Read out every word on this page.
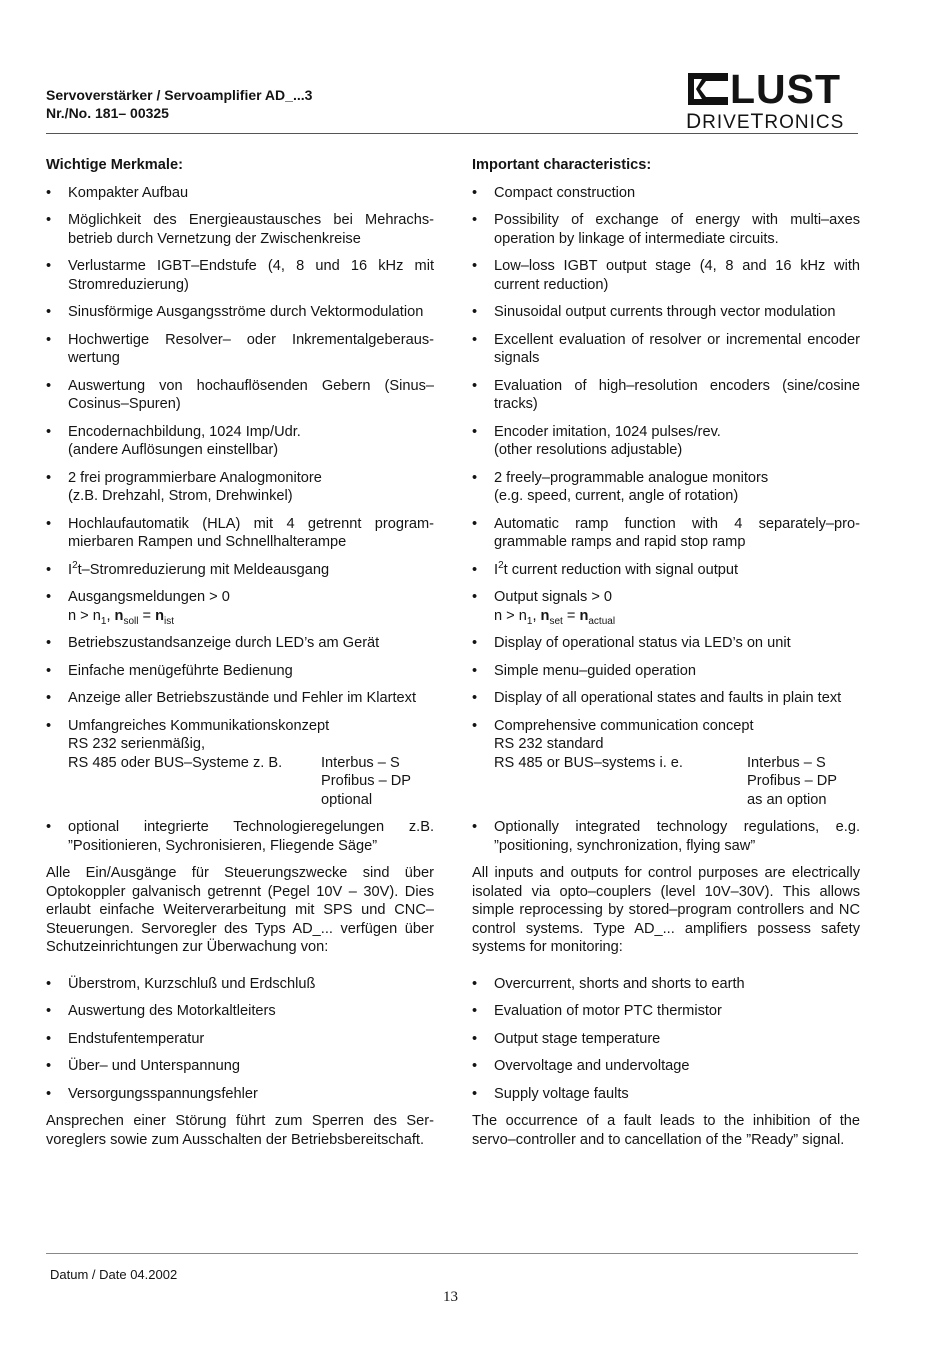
Servoverstärker / Servoamplifier AD_...3
Nr./No. 181– 00325
LUST
DRIVETRONICS
Wichtige Merkmale:
• Kompakter Aufbau
• Möglichkeit des Energieaustausches bei Mehrachsbetrieb durch Vernetzung der Zwischenkreise
• Verlustarme IGBT–Endstufe (4, 8 und 16 kHz mit Stromreduzierung)
• Sinusförmige Ausgangsströme durch Vektormodulation
• Hochwertige Resolver– oder Inkrementalgeberauswertung
• Auswertung von hochauflösenden Gebern (Sinus– Cosinus–Spuren)
• Encodernachbildung, 1024 Imp/Udr.
(andere Auflösungen einstellbar)
• 2 frei programmierbare Analogmonitore
(z.B. Drehzahl, Strom, Drehwinkel)
• Hochlaufautomatik (HLA) mit 4 getrennt programmierbaren Rampen und Schnellhalterampe
• $I^2t$–Stromreduzierung mit Meldeausgang
• Ausgangsmeldungen > 0
$n > n_1$, $n_{soll} = n_{ist}$
• Betriebszustandsanzeige durch LED’s am Gerät
• Einfache menügeführte Bedienung
• Anzeige aller Betriebszustände und Fehler im Klartext
• Umfangreiches Kommunikationskonzept
RS 232 serienmäßig,
RS 485 oder BUS–Systeme z. B.	Interbus – S
Profibus – DP
optional
• optional integrierte Technologieregelungen z.B. ”Positionieren, Sychronisieren, Fliegende Säge”
Alle Ein/Ausgänge für Steuerungszwecke sind über Optokoppler galvanisch getrennt (Pegel 10V – 30V). Dies erlaubt einfache Weiterverarbeitung mit SPS und CNC–Steuerungen. Servoregler des Typs AD_... verfügen über Schutzeinrichtungen zur Überwachung von:
• Überstrom, Kurzschluß und Erdschluß
• Auswertung des Motorkaltleiters
• Endstufentemperatur
• Über– und Unterspannung
• Versorgungsspannungsfehler
Ansprechen einer Störung führt zum Sperren des Servoreglers sowie zum Ausschalten der Betriebsbereitschaft.
Important characteristics:
• Compact construction
• Possibility of exchange of energy with multi–axes operation by linkage of intermediate circuits.
• Low–loss IGBT output stage (4, 8 and 16 kHz with current reduction)
• Sinusoidal output currents through vector modulation
• Excellent evaluation of resolver or incremental encoder signals
• Evaluation of high–resolution encoders (sine/cosine tracks)
• Encoder imitation, 1024 pulses/rev.
(other resolutions adjustable)
• 2 freely–programmable analogue monitors
(e.g. speed, current, angle of rotation)
• Automatic ramp function with 4 separately–programmable ramps and rapid stop ramp
• $I^2t$ current reduction with signal output
• Output signals > 0
$n > n_1$, $n_{set} = n_{actual}$
• Display of operational status via LED’s on unit
• Simple menu–guided operation
• Display of all operational states and faults in plain text
• Comprehensive communication concept
RS 232 standard
RS 485 or BUS–systems i. e.	Interbus – S
Profibus – DP
as an option
• Optionally integrated technology regulations, e.g. ”positioning, synchronization, flying saw”
All inputs and outputs for control purposes are electrically isolated via opto–couplers (level 10V–30V). This allows simple reprocessing by stored–program controllers and NC control systems. Type AD_... amplifiers possess safety systems for monitoring:
• Overcurrent, shorts and shorts to earth
• Evaluation of motor PTC thermistor
• Output stage temperature
• Overvoltage and undervoltage
• Supply voltage faults
The occurrence of a fault leads to the inhibition of the servo–controller and to cancellation of the ”Ready” signal.
Datum / Date 04.2002
13
